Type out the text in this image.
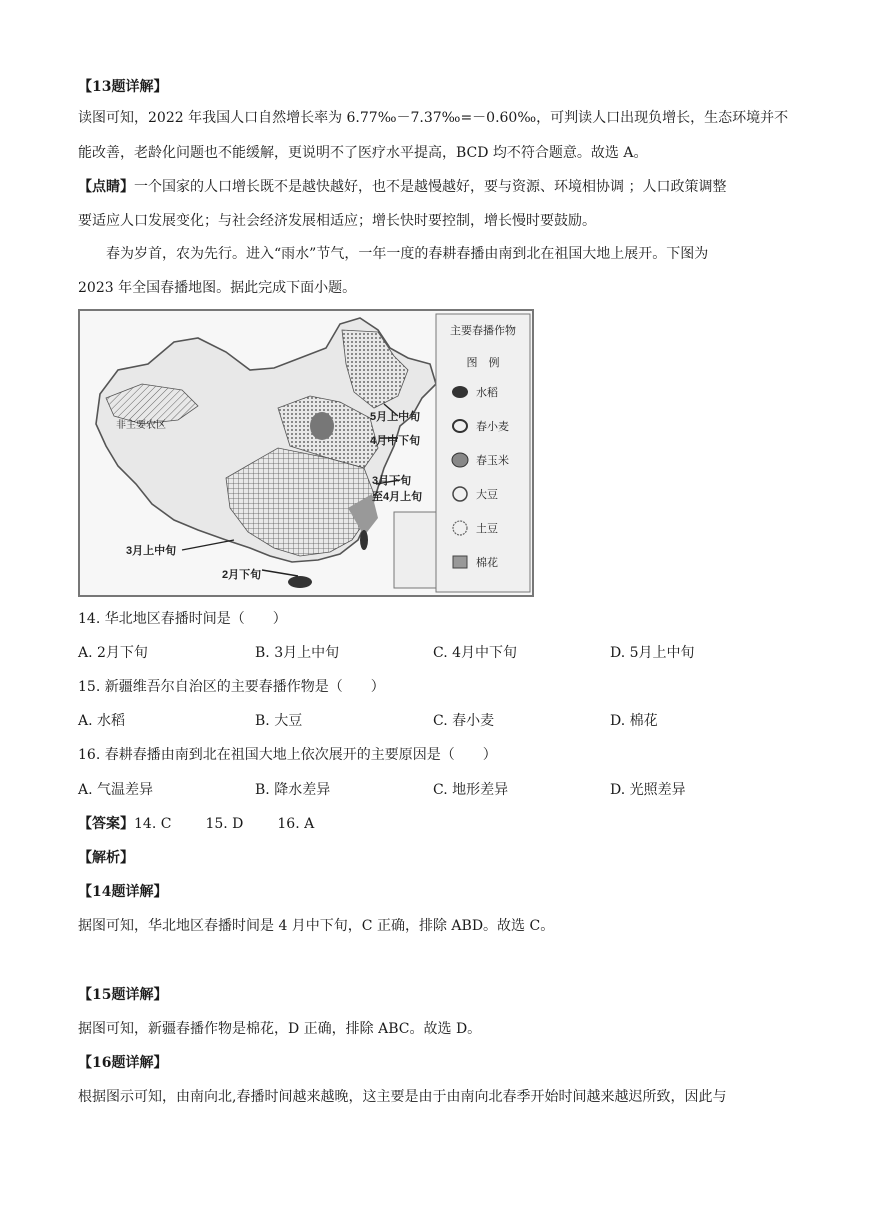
【13题详解】
读图可知，2022 年我国人口自然增长率为 6.77‰－7.37‰=－0.60‰，可判读人口出现负增长，生态环境并不
能改善，老龄化问题也不能缓解，更说明不了医疗水平提高，BCD 均不符合题意。故选 A。
【点睛】一个国家的人口增长既不是越快越好，也不是越慢越好，要与资源、环境相协调 ；人口政策调整
要适应人口发展变化；与社会经济发展相适应；增长快时要控制，增长慢时要鼓励。
春为岁首，农为先行。进入“雨水”节气，一年一度的春耕春播由南到北在祖国大地上展开。下图为
2023 年全国春播地图。据此完成下面小题。
5月上中旬
4月中下旬
3月下旬
至4月上旬
3月上中旬
2月下旬
非主要农区
主要春播作物
图　例
水稻
春小麦
春玉米
大豆
土豆
棉花
14. 华北地区春播时间是（　　）
A. 2月下旬	B. 3月上中旬	C. 4月中下旬	D. 5月上中旬
15. 新疆维吾尔自治区的主要春播作物是（　　）
A. 水稻	B. 大豆	C. 春小麦	D. 棉花
16. 春耕春播由南到北在祖国大地上依次展开的主要原因是（　　）
A. 气温差异	B. 降水差异	C. 地形差异	D. 光照差异
【答案】14. C 15. D 16. A
【解析】
【14题详解】
据图可知，华北地区春播时间是 4 月中下旬，C 正确，排除 ABD。故选 C。
【15题详解】
据图可知，新疆春播作物是棉花，D 正确，排除 ABC。故选 D。
【16题详解】
根据图示可知，由南向北,春播时间越来越晚，这主要是由于由南向北春季开始时间越来越迟所致，因此与
